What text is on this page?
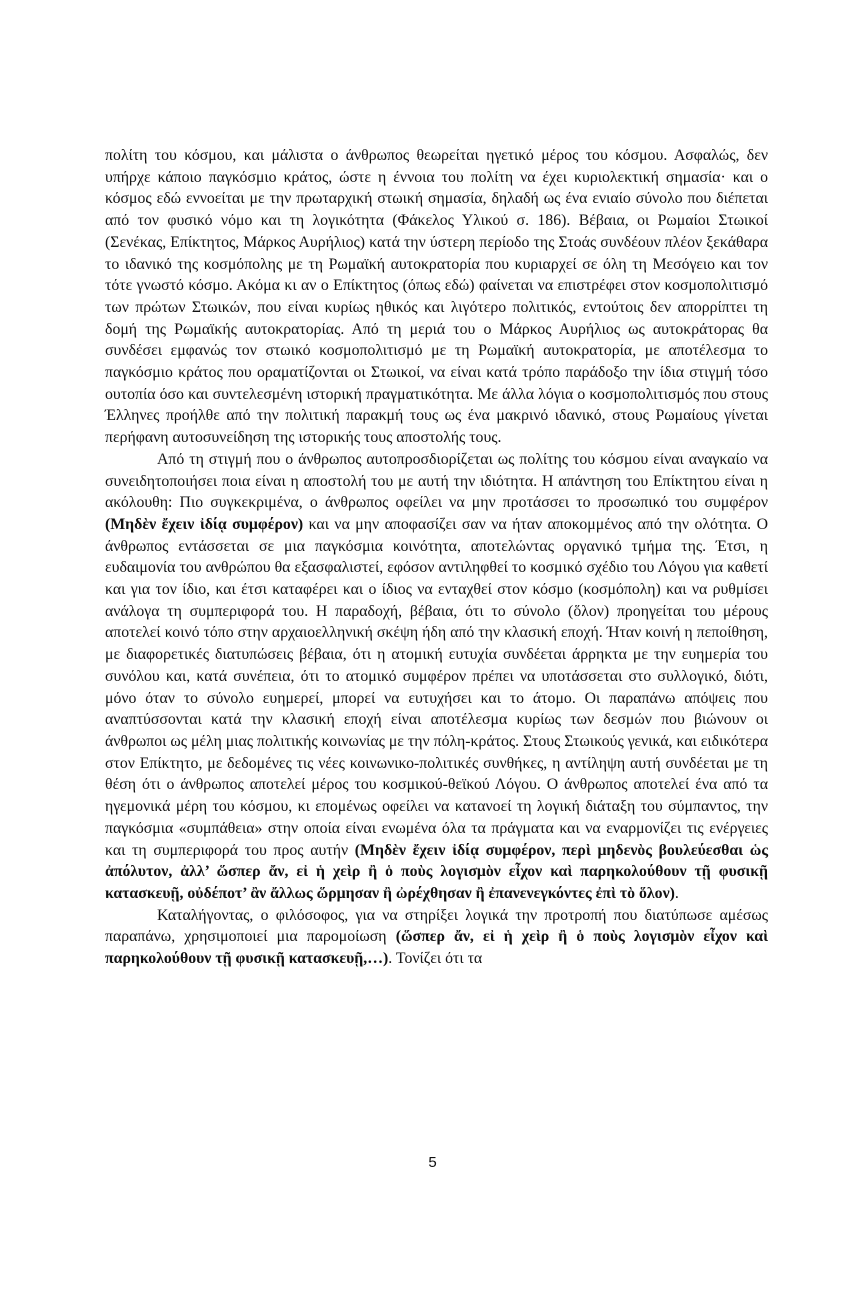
πολίτη του κόσμου, και μάλιστα ο άνθρωπος θεωρείται ηγετικό μέρος του κόσμου. Ασφαλώς, δεν υπήρχε κάποιο παγκόσμιο κράτος, ώστε η έννοια του πολίτη να έχει κυριολεκτική σημασία· και ο κόσμος εδώ εννοείται με την πρωταρχική στωική σημασία, δηλαδή ως ένα ενιαίο σύνολο που διέπεται από τον φυσικό νόμο και τη λογικότητα (Φάκελος Υλικού σ. 186). Βέβαια, οι Ρωμαίοι Στωικοί (Σενέκας, Επίκτητος, Μάρκος Αυρήλιος) κατά την ύστερη περίοδο της Στοάς συνδέουν πλέον ξεκάθαρα το ιδανικό της κοσμόπολης με τη Ρωμαϊκή αυτοκρατορία που κυριαρχεί σε όλη τη Μεσόγειο και τον τότε γνωστό κόσμο. Ακόμα κι αν ο Επίκτητος (όπως εδώ) φαίνεται να επιστρέφει στον κοσμοπολιτισμό των πρώτων Στωικών, που είναι κυρίως ηθικός και λιγότερο πολιτικός, εντούτοις δεν απορρίπτει τη δομή της Ρωμαϊκής αυτοκρατορίας. Από τη μεριά του ο Μάρκος Αυρήλιος ως αυτοκράτορας θα συνδέσει εμφανώς τον στωικό κοσμοπολιτισμό με τη Ρωμαϊκή αυτοκρατορία, με αποτέλεσμα το παγκόσμιο κράτος που οραματίζονται οι Στωικοί, να είναι κατά τρόπο παράδοξο την ίδια στιγμή τόσο ουτοπία όσο και συντελεσμένη ιστορική πραγματικότητα. Με άλλα λόγια ο κοσμοπολιτισμός που στους Έλληνες προήλθε από την πολιτική παρακμή τους ως ένα μακρινό ιδανικό, στους Ρωμαίους γίνεται περήφανη αυτοσυνείδηση της ιστορικής τους αποστολής τους.

Από τη στιγμή που ο άνθρωπος αυτοπροσδιορίζεται ως πολίτης του κόσμου είναι αναγκαίο να συνειδητοποιήσει ποια είναι η αποστολή του με αυτή την ιδιότητα. Η απάντηση του Επίκτητου είναι η ακόλουθη: Πιο συγκεκριμένα, ο άνθρωπος οφείλει να μην προτάσσει το προσωπικό του συμφέρον (Μηδὲν ἔχειν ἰδίᾳ συμφέρον) και να μην αποφασίζει σαν να ήταν αποκομμένος από την ολότητα. Ο άνθρωπος εντάσσεται σε μια παγκόσμια κοινότητα, αποτελώντας οργανικό τμήμα της. Έτσι, η ευδαιμονία του ανθρώπου θα εξασφαλιστεί, εφόσον αντιληφθεί το κοσμικό σχέδιο του Λόγου για καθετί και για τον ίδιο, και έτσι καταφέρει και ο ίδιος να ενταχθεί στον κόσμο (κοσμόπολη) και να ρυθμίσει ανάλογα τη συμπεριφορά του. Η παραδοχή, βέβαια, ότι το σύνολο (ὅλον) προηγείται του μέρους αποτελεί κοινό τόπο στην αρχαιοελληνική σκέψη ήδη από την κλασική εποχή. Ήταν κοινή η πεποίθηση, με διαφορετικές διατυπώσεις βέβαια, ότι η ατομική ευτυχία συνδέεται άρρηκτα με την ευημερία του συνόλου και, κατά συνέπεια, ότι το ατομικό συμφέρον πρέπει να υποτάσσεται στο συλλογικό, διότι, μόνο όταν το σύνολο ευημερεί, μπορεί να ευτυχήσει και το άτομο. Οι παραπάνω απόψεις που αναπτύσσονται κατά την κλασική εποχή είναι αποτέλεσμα κυρίως των δεσμών που βιώνουν οι άνθρωποι ως μέλη μιας πολιτικής κοινωνίας με την πόλη-κράτος. Στους Στωικούς γενικά, και ειδικότερα στον Επίκτητο, με δεδομένες τις νέες κοινωνικο-πολιτικές συνθήκες, η αντίληψη αυτή συνδέεται με τη θέση ότι ο άνθρωπος αποτελεί μέρος του κοσμικού-θεϊκού Λόγου. Ο άνθρωπος αποτελεί ένα από τα ηγεμονικά μέρη του κόσμου, κι επομένως οφείλει να κατανοεί τη λογική διάταξη του σύμπαντος, την παγκόσμια «συμπάθεια» στην οποία είναι ενωμένα όλα τα πράγματα και να εναρμονίζει τις ενέργειες και τη συμπεριφορά του προς αυτήν (Μηδὲν ἔχειν ἰδίᾳ συμφέρον, περὶ μηδενὸς βουλεύεσθαι ὡς ἀπόλυτον, ἀλλ’ ὥσπερ ἄν, εἰ ἡ χεὶρ ἢ ὁ ποὺς λογισμὸν εἶχον καὶ παρηκολούθουν τῇ φυσικῇ κατασκευῇ, οὐδέποτ’ ἂν ἄλλως ὥρμησαν ἢ ὠρέχθησαν ἢ ἐπανενεγκόντες ἐπὶ τὸ ὅλον).

Καταλήγοντας, ο φιλόσοφος, για να στηρίξει λογικά την προτροπή που διατύπωσε αμέσως παραπάνω, χρησιμοποιεί μια παρομοίωση (ὥσπερ ἄν, εἰ ἡ χεὶρ ἢ ὁ ποὺς λογισμὸν εἶχον καὶ παρηκολούθουν τῇ φυσικῇ κατασκευῇ,…). Τονίζει ότι τα

5
